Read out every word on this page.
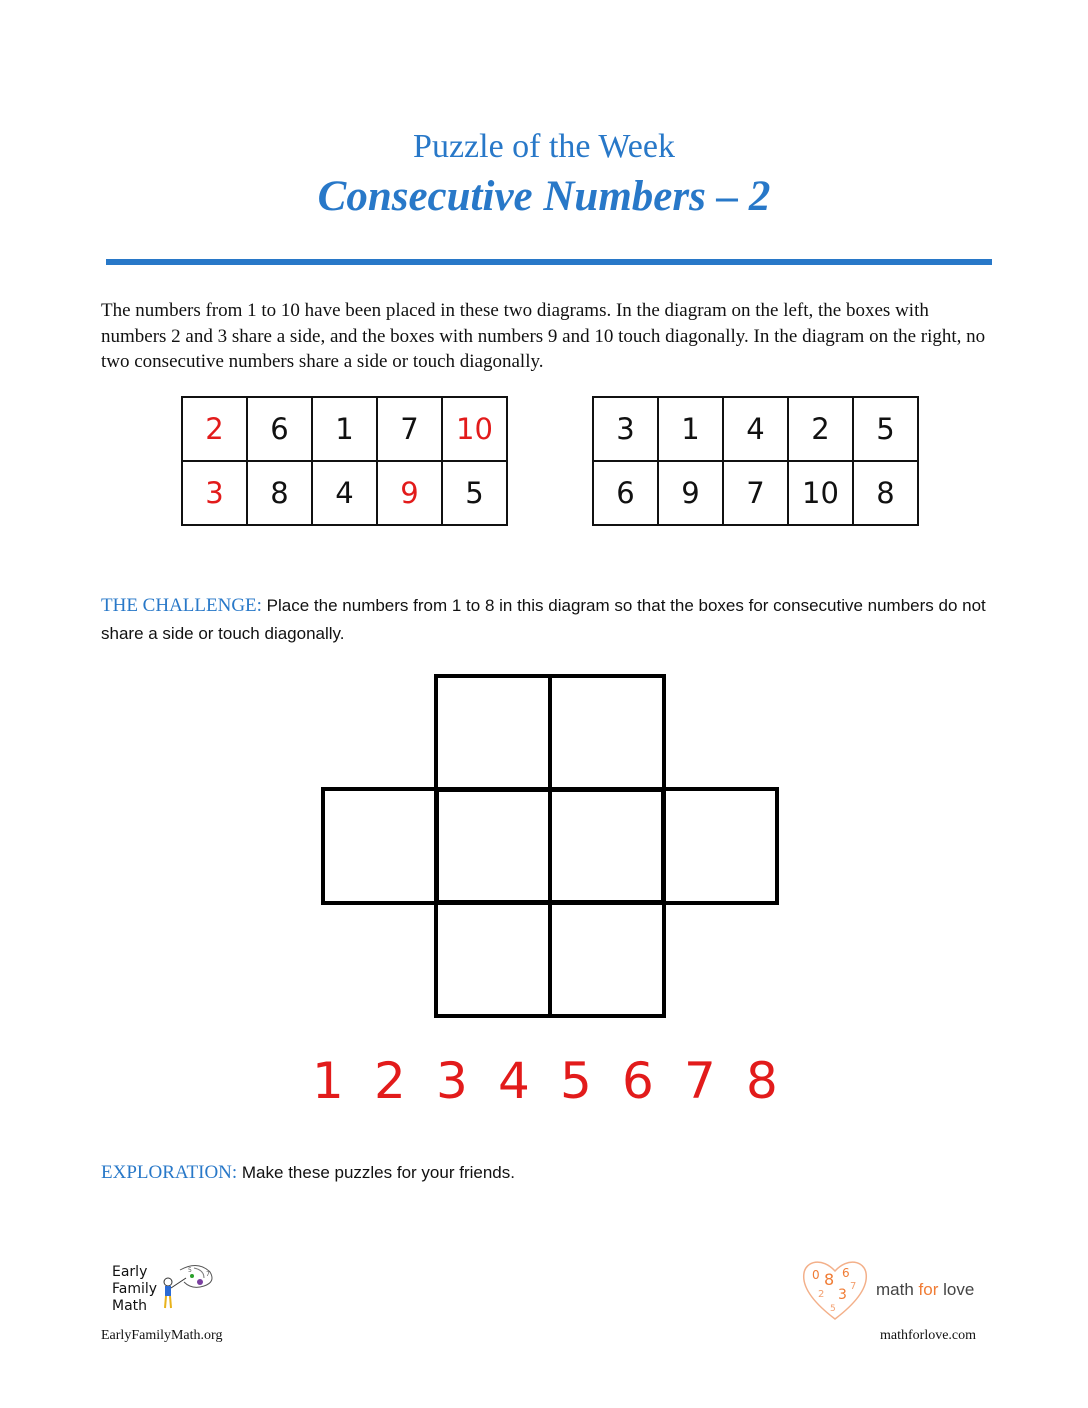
Puzzle of the Week
Consecutive Numbers – 2
The numbers from 1 to 10 have been placed in these two diagrams. In the diagram on the left, the boxes with numbers 2 and 3 share a side, and the boxes with numbers 9 and 10 touch diagonally. In the diagram on the right, no two consecutive numbers share a side or touch diagonally.
2	6	1	7	10
3	8	4	9	5
3	1	4	2	5
6	9	7	10	8
THE CHALLENGE: Place the numbers from 1 to 8 in this diagram so that the boxes for consecutive numbers do not share a side or touch diagonally.
1 2 3 4 5 6 7 8
EXPLORATION: Make these puzzles for your friends.
5
7
Early
Family
Math
EarlyFamilyMath.org
0 8 6
2 3
7
5
math for love
mathforlove.com
